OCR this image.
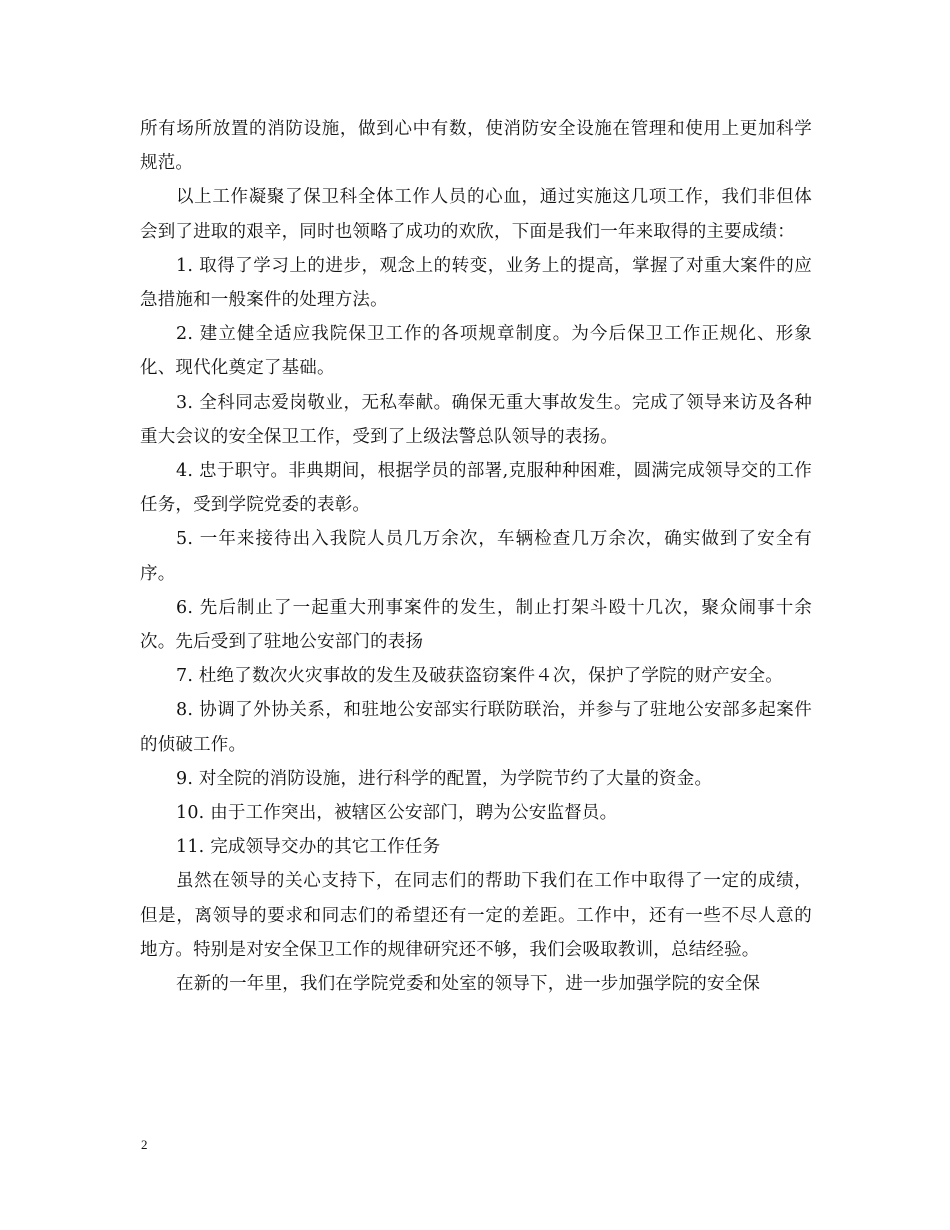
所有场所放置的消防设施，做到心中有数，使消防安全设施在管理和使用上更加科学规范。

以上工作凝聚了保卫科全体工作人员的心血，通过实施这几项工作，我们非但体会到了进取的艰辛，同时也领略了成功的欢欣，下面是我们一年来取得的主要成绩：

1. 取得了学习上的进步，观念上的转变，业务上的提高，掌握了对重大案件的应急措施和一般案件的处理方法。

2. 建立健全适应我院保卫工作的各项规章制度。为今后保卫工作正规化、形象化、现代化奠定了基础。

3. 全科同志爱岗敬业，无私奉献。确保无重大事故发生。完成了领导来访及各种重大会议的安全保卫工作，受到了上级法警总队领导的表扬。

4. 忠于职守。非典期间，根据学员的部署,克服种种困难，圆满完成领导交的工作任务，受到学院党委的表彰。

5. 一年来接待出入我院人员几万余次，车辆检查几万余次，确实做到了安全有序。

6. 先后制止了一起重大刑事案件的发生，制止打架斗殴十几次，聚众闹事十余次。先后受到了驻地公安部门的表扬

7. 杜绝了数次火灾事故的发生及破获盗窃案件４次，保护了学院的财产安全。

8. 协调了外协关系，和驻地公安部实行联防联治，并参与了驻地公安部多起案件的侦破工作。

9. 对全院的消防设施，进行科学的配置，为学院节约了大量的资金。

10. 由于工作突出，被辖区公安部门，聘为公安监督员。

11. 完成领导交办的其它工作任务

虽然在领导的关心支持下，在同志们的帮助下我们在工作中取得了一定的成绩，但是，离领导的要求和同志们的希望还有一定的差距。工作中，还有一些不尽人意的地方。特别是对安全保卫工作的规律研究还不够，我们会吸取教训，总结经验。

在新的一年里，我们在学院党委和处室的领导下，进一步加强学院的安全保

2
